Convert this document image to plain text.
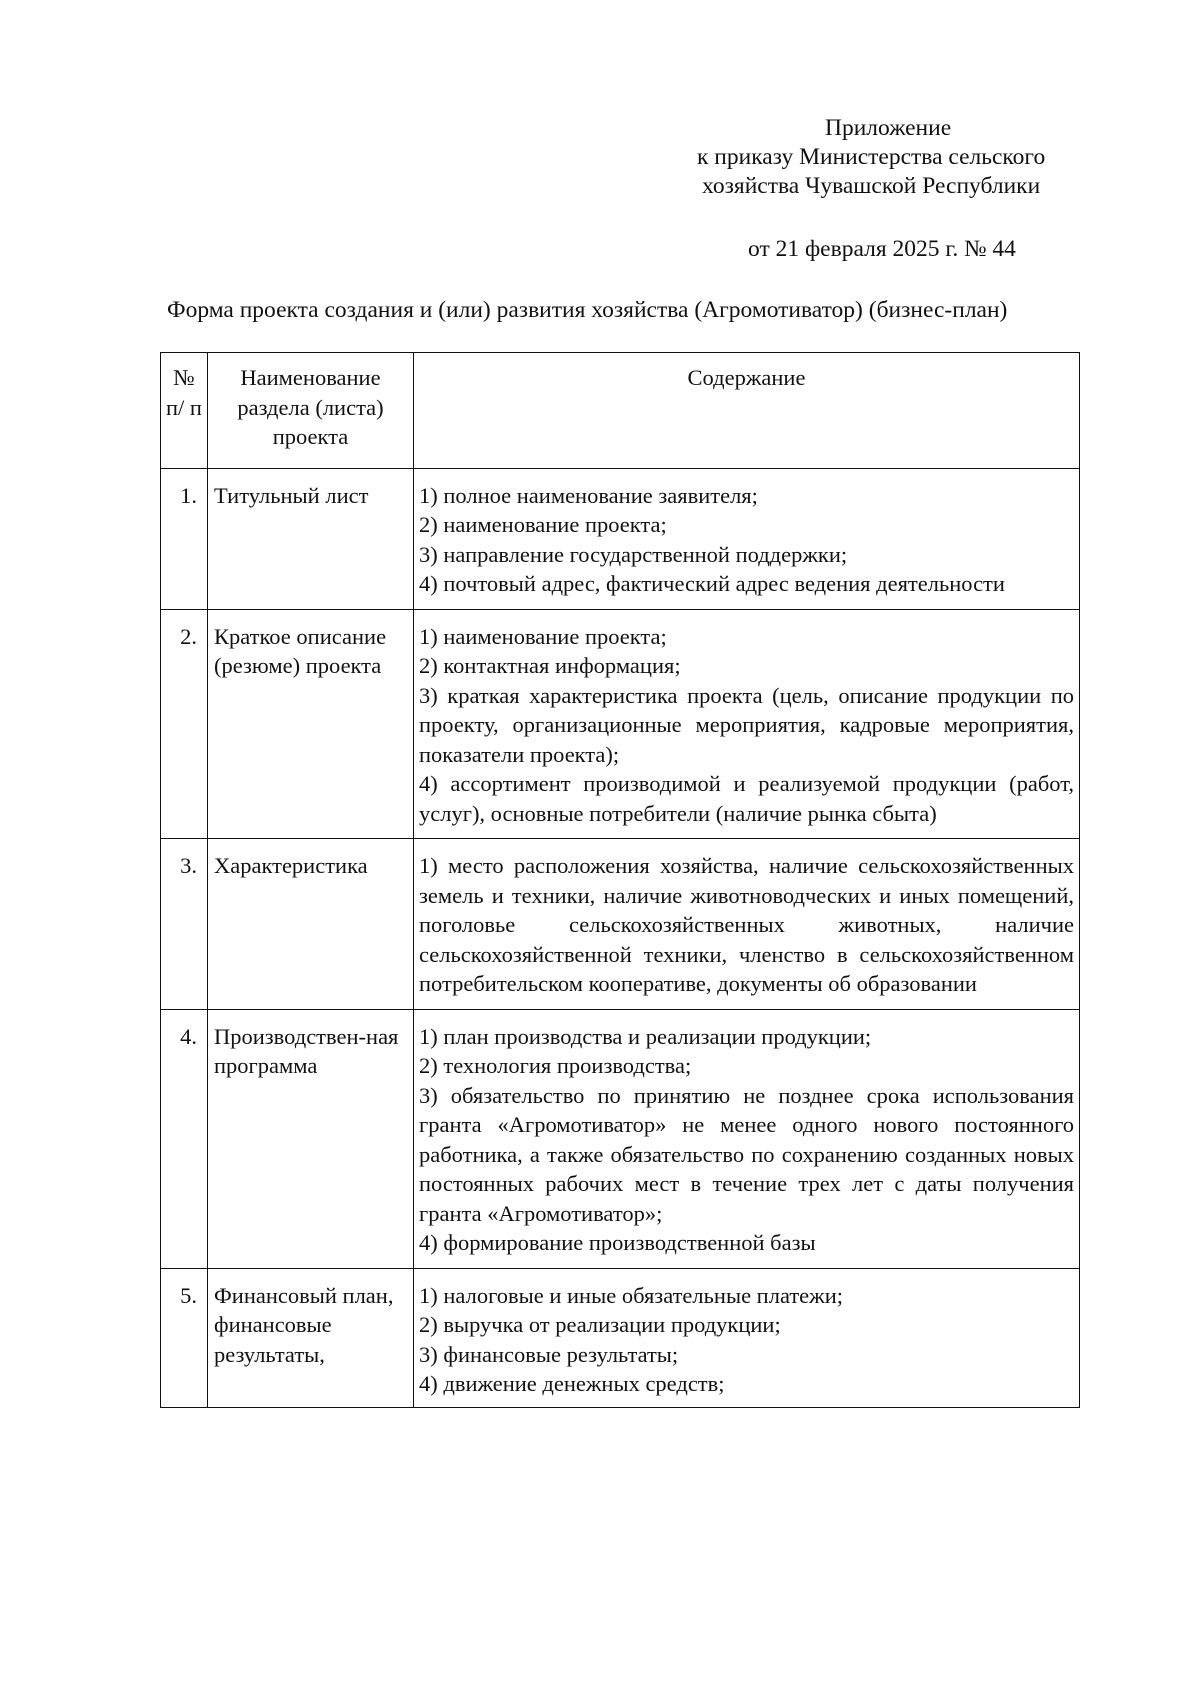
Приложение
к приказу Министерства сельского
хозяйства Чувашской Республики
от 21 февраля 2025 г. № 44
Форма проекта создания и (или) развития хозяйства (Агромотиватор) (бизнес-план)
№ п/ п	Наименование раздела (листа) проекта	Содержание
1.	Титульный лист	1) полное наименование заявителя;
2) наименование проекта;
3) направление государственной поддержки;
4) почтовый адрес, фактический адрес ведения деятельности

2.	Краткое описание (резюме) проекта	1) наименование проекта;
2) контактная информация;
3) краткая характеристика проекта (цель, описание продукции по проекту, организационные мероприятия, кадровые мероприятия, показатели проекта);
4) ассортимент производимой и реализуемой продукции (работ, услуг), основные потребители (наличие рынка сбыта)

3.	Характеристика	1) место расположения хозяйства, наличие сельскохозяйственных земель и техники, наличие животноводческих и иных помещений, поголовье сельскохозяйственных животных, наличие сельскохозяйственной техники, членство в сельскохозяйственном потребительском кооперативе, документы об образовании

4.	Производствен-ная программа	1) план производства и реализации продукции;
2) технология производства;
3) обязательство по принятию не позднее срока использования гранта «Агромотиватор» не менее одного нового постоянного работника, а также обязательство по сохранению созданных новых постоянных рабочих мест в течение трех лет с даты получения гранта «Агромотиватор»;
4) формирование производственной базы

5.	Финансовый план, финансовые результаты,	1) налоговые и иные обязательные платежи;
2) выручка от реализации продукции;
3) финансовые результаты;
4) движение денежных средств;
